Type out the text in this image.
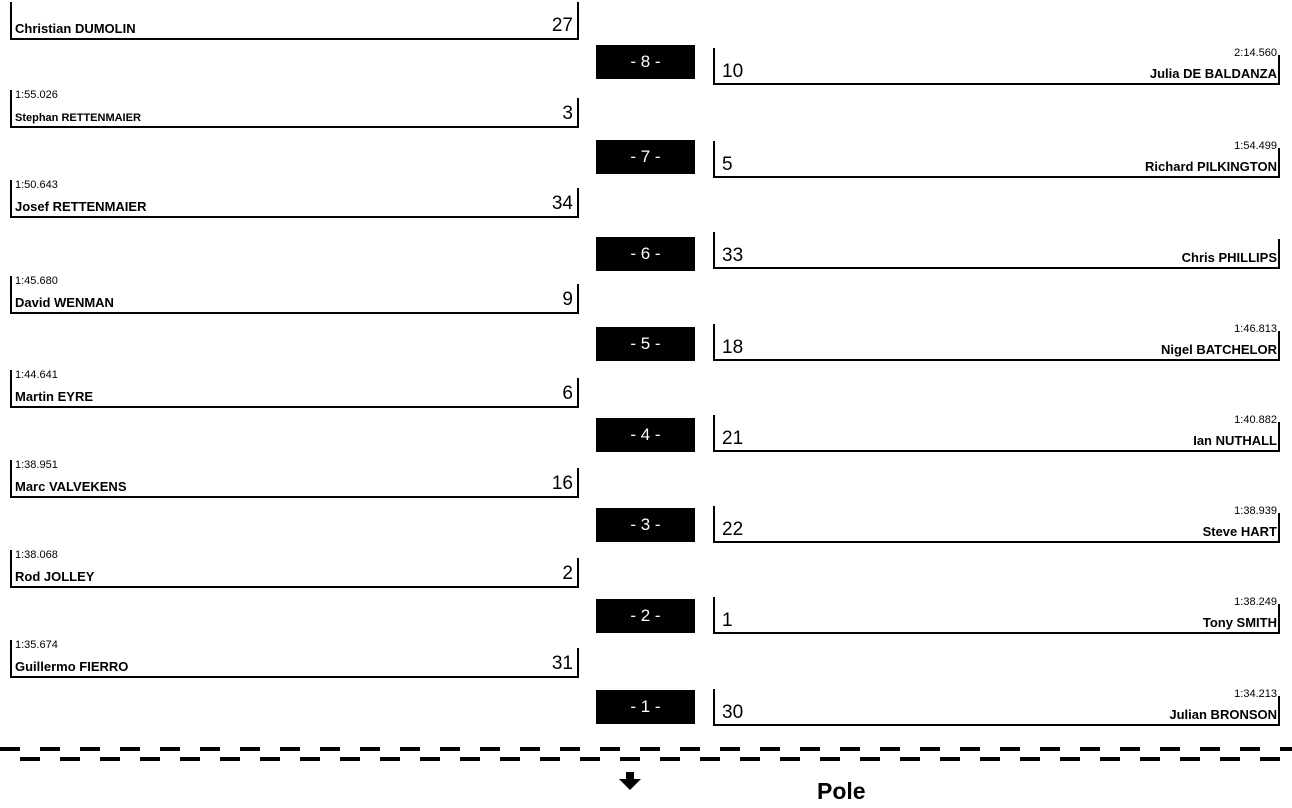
Christian DUMOLIN	27
1:55.026
Stephan RETTENMAIER	3
1:50.643
Josef RETTENMAIER	34
1:45.680
David WENMAN	9
1:44.641
Martin EYRE	6
1:38.951
Marc VALVEKENS	16
1:38.068
Rod JOLLEY	2
1:35.674
Guillermo FIERRO	31
- 8 -
- 7 -
- 6 -
- 5 -
- 4 -
- 3 -
- 2 -
- 1 -
2:14.560
Julia DE BALDANZA
10
1:54.499
Richard PILKINGTON
5
Chris PHILLIPS
33
1:46.813
Nigel BATCHELOR
18
1:40.882
Ian NUTHALL
21
1:38.939
Steve HART
22
1:38.249
Tony SMITH
1
1:34.213
Julian BRONSON
30
Pole
